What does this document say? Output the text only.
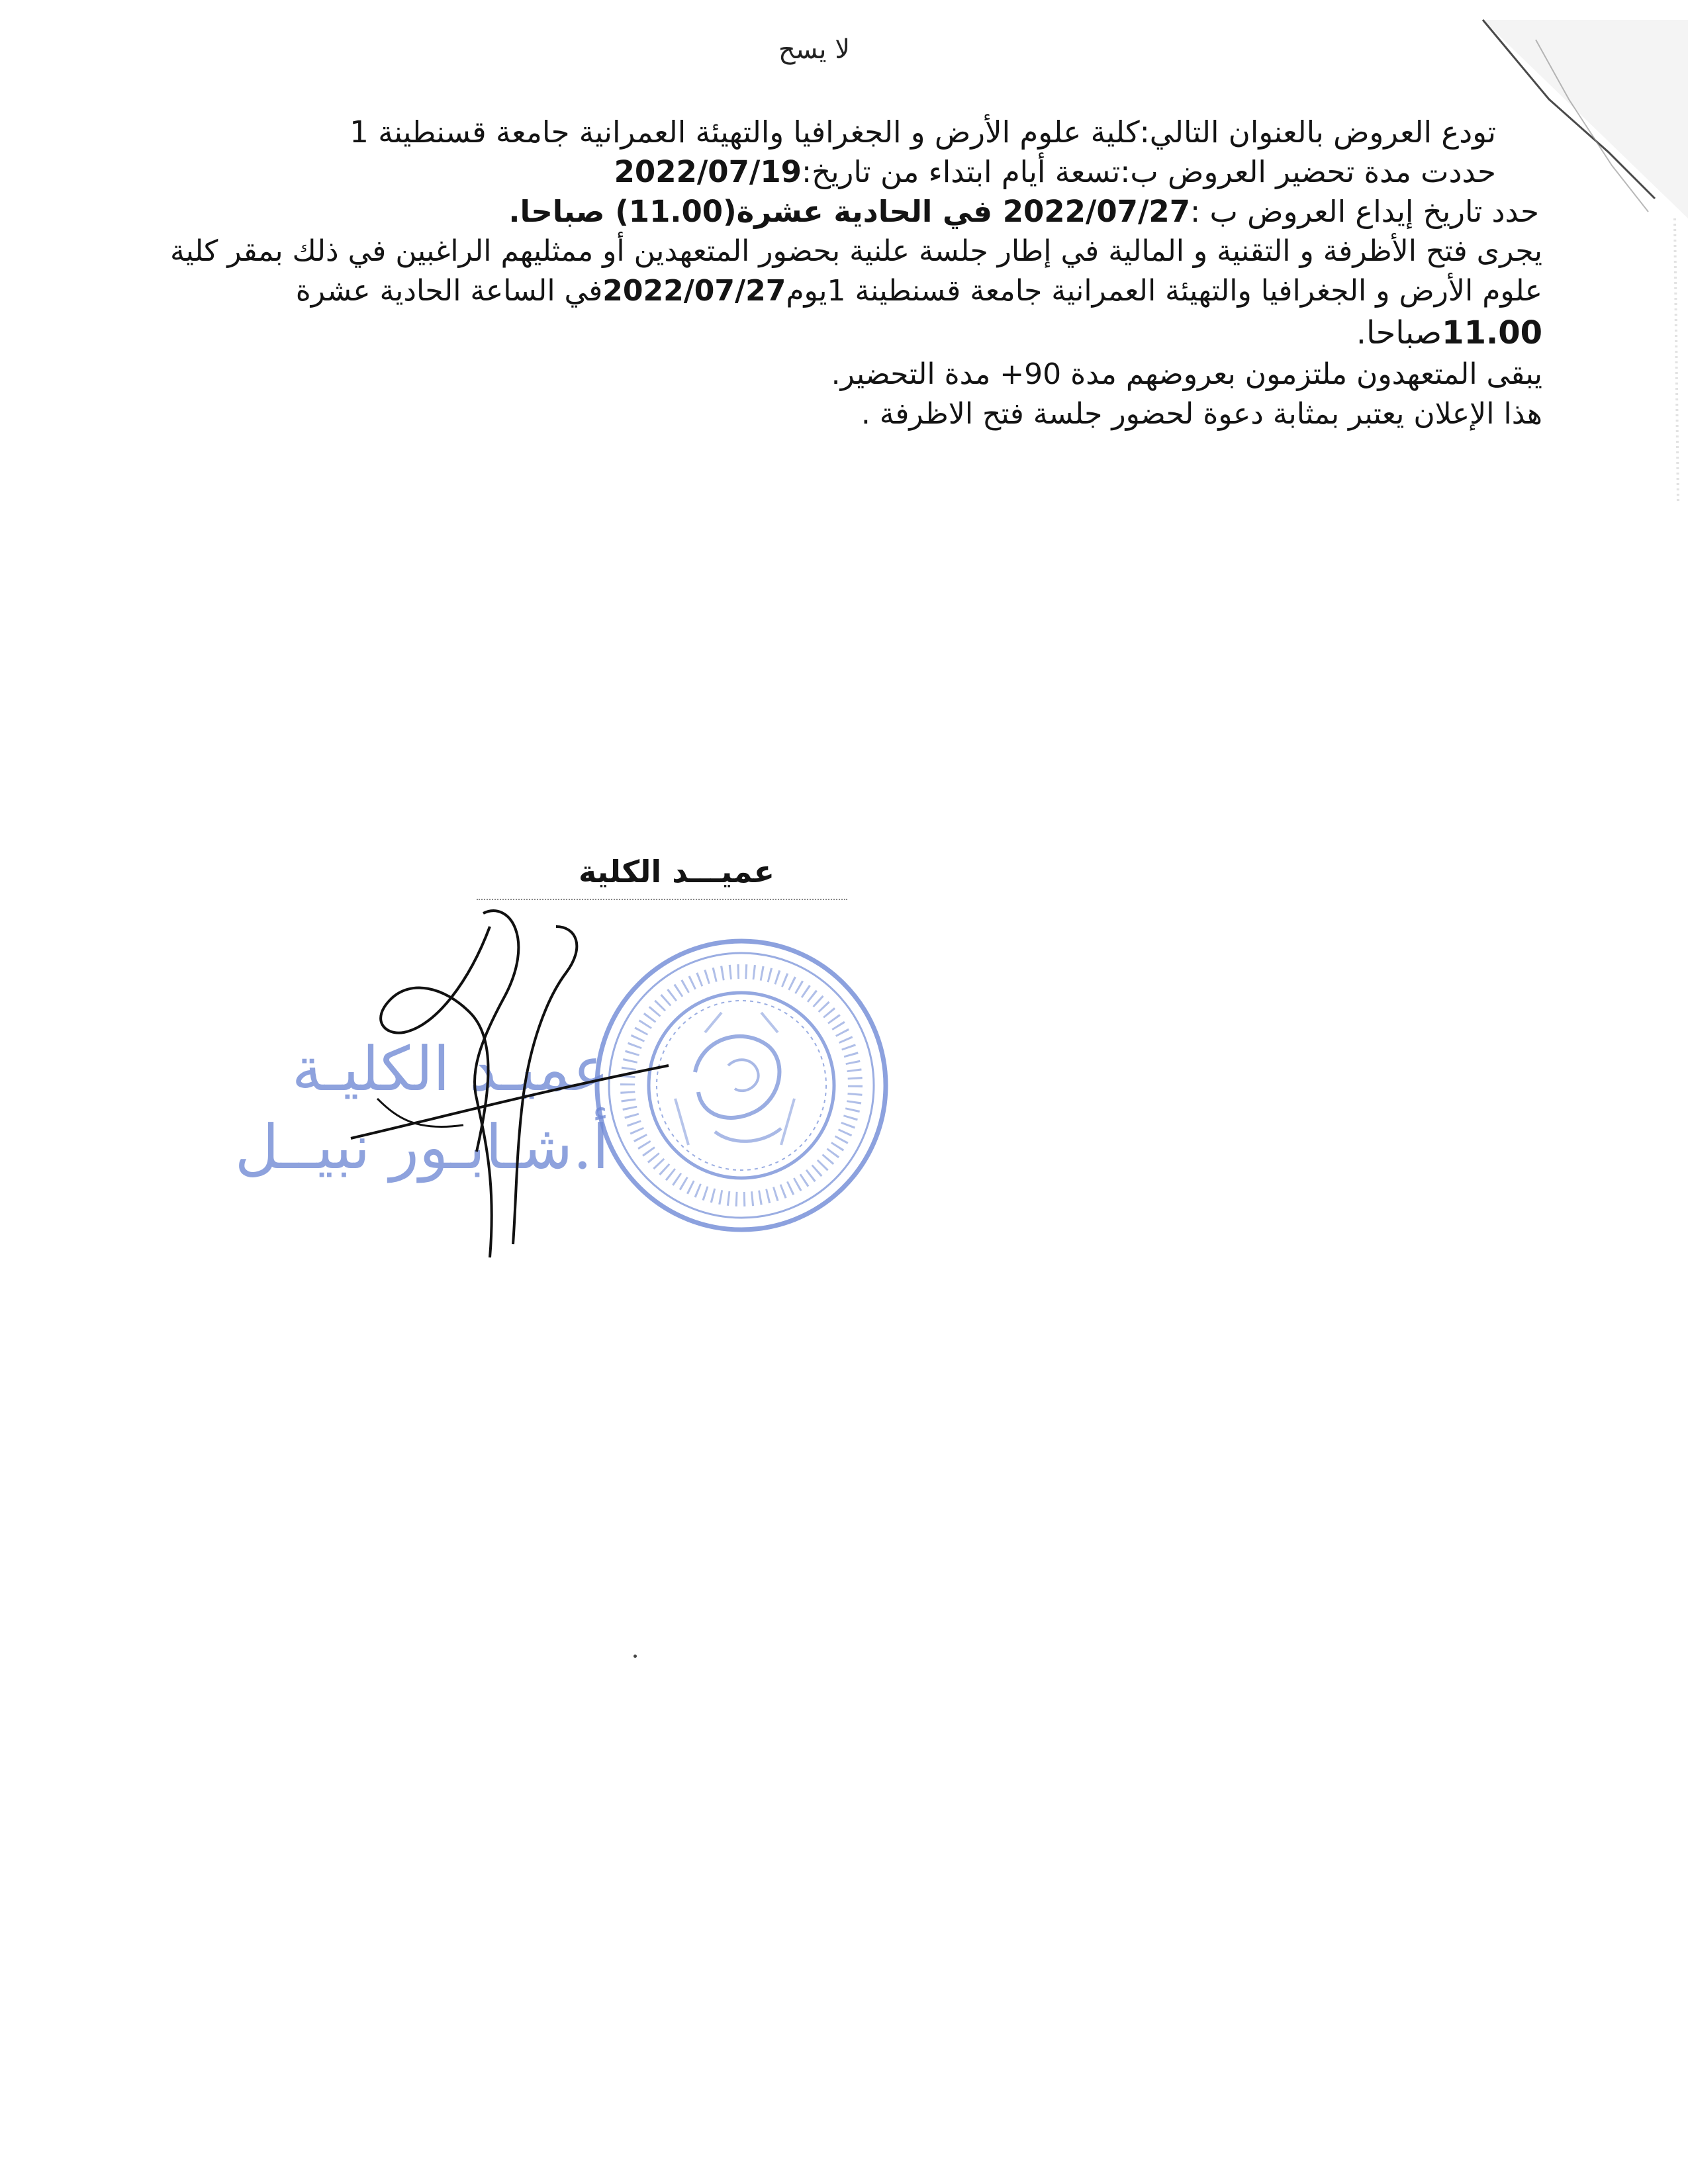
لا يسح
تودع العروض بالعنوان التالي:كلية علوم الأرض و الجغرافيا والتهيئة العمرانية جامعة قسنطينة 1
حددت مدة تحضير العروض ب:تسعة أيام ابتداء من تاريخ:2022/07/19
حدد تاريخ إيداع العروض ب :2022/07/27 في الحادية عشرة(11.00) صباحا.
يجرى فتح الأظرفة و التقنية و المالية في إطار جلسة علنية بحضور المتعهدين أو ممثليهم الراغبين في ذلك بمقر كلية
علوم الأرض و الجغرافيا والتهيئة العمرانية جامعة قسنطينة 1يوم2022/07/27في الساعة الحادية عشرة
11.00صباحا.
يبقى المتعهدون ملتزمون بعروضهم مدة 90+ مدة التحضير.
هذا الإعلان يعتبر بمثابة دعوة لحضور جلسة فتح الاظرفة .
عميـــد الكلية
عميـد الكليـة
أ.شـابـور نبيــل
